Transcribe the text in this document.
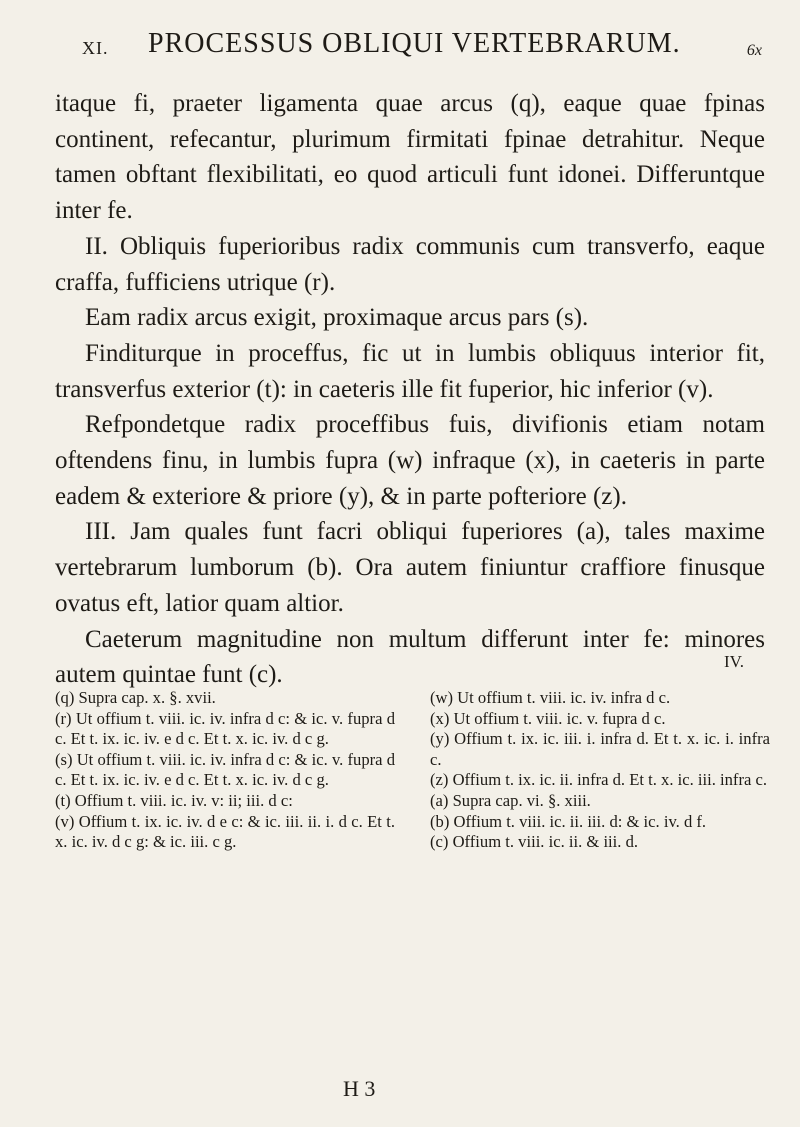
XI. PROCESSUS OBLIQUI VERTEBRARUM.	6x

itaque fi, praeter ligamenta quae arcus (q), eaque quae fpinas continent, refecantur, plurimum firmitati fpinae detrahitur. Neque tamen obftant flexibilitati, eo quod articuli funt idonei. Differuntque inter fe.

II. Obliquis fuperioribus radix communis cum transverfo, eaque craffa, fufficiens utrique (r).

Eam radix arcus exigit, proximaque arcus pars (s).

Finditurque in proceffus, fic ut in lumbis obliquus interior fit, transverfus exterior (t): in caeteris ille fit fuperior, hic inferior (v).

Refpondetque radix proceffibus fuis, divifionis etiam notam oftendens finu, in lumbis fupra (w) infraque (x), in caeteris in parte eadem & exteriore & priore (y), & in parte pofteriore (z).

III. Jam quales funt facri obliqui fuperiores (a), tales maxime vertebrarum lumborum (b). Ora autem finiuntur craffiore finusque ovatus eft, latior quam altior.

Caeterum magnitudine non multum differunt inter fe: minores autem quintae funt (c).	IV.

(q) Supra cap. x. §. xvii.

(r) Ut offium t. viii. ic. iv. infra d c: & ic. v. fupra d c. Et t. ix. ic. iv. e d c. Et t. x. ic. iv. d c g.

(s) Ut offium t. viii. ic. iv. infra d c: & ic. v. fupra d c. Et t. ix. ic. iv. e d c. Et t. x. ic. iv. d c g.

(t) Offium t. viii. ic. iv. v: ii; iii. d c:

(v) Offium t. ix. ic. iv. d e c: & ic. iii. ii. i. d c. Et t. x. ic. iv. d c g: & ic. iii. c g.

(w) Ut offium t. viii. ic. iv. infra d c.

(x) Ut offium t. viii. ic. v. fupra d c.

(y) Offium t. ix. ic. iii. i. infra d. Et t. x. ic. i. infra c.

(z) Offium t. ix. ic. ii. infra d. Et t. x. ic. iii. infra c.

(a) Supra cap. vi. §. xiii.

(b) Offium t. viii. ic. ii. iii. d: & ic. iv. d f.

(c) Offium t. viii. ic. ii. & iii. d.

H 3
